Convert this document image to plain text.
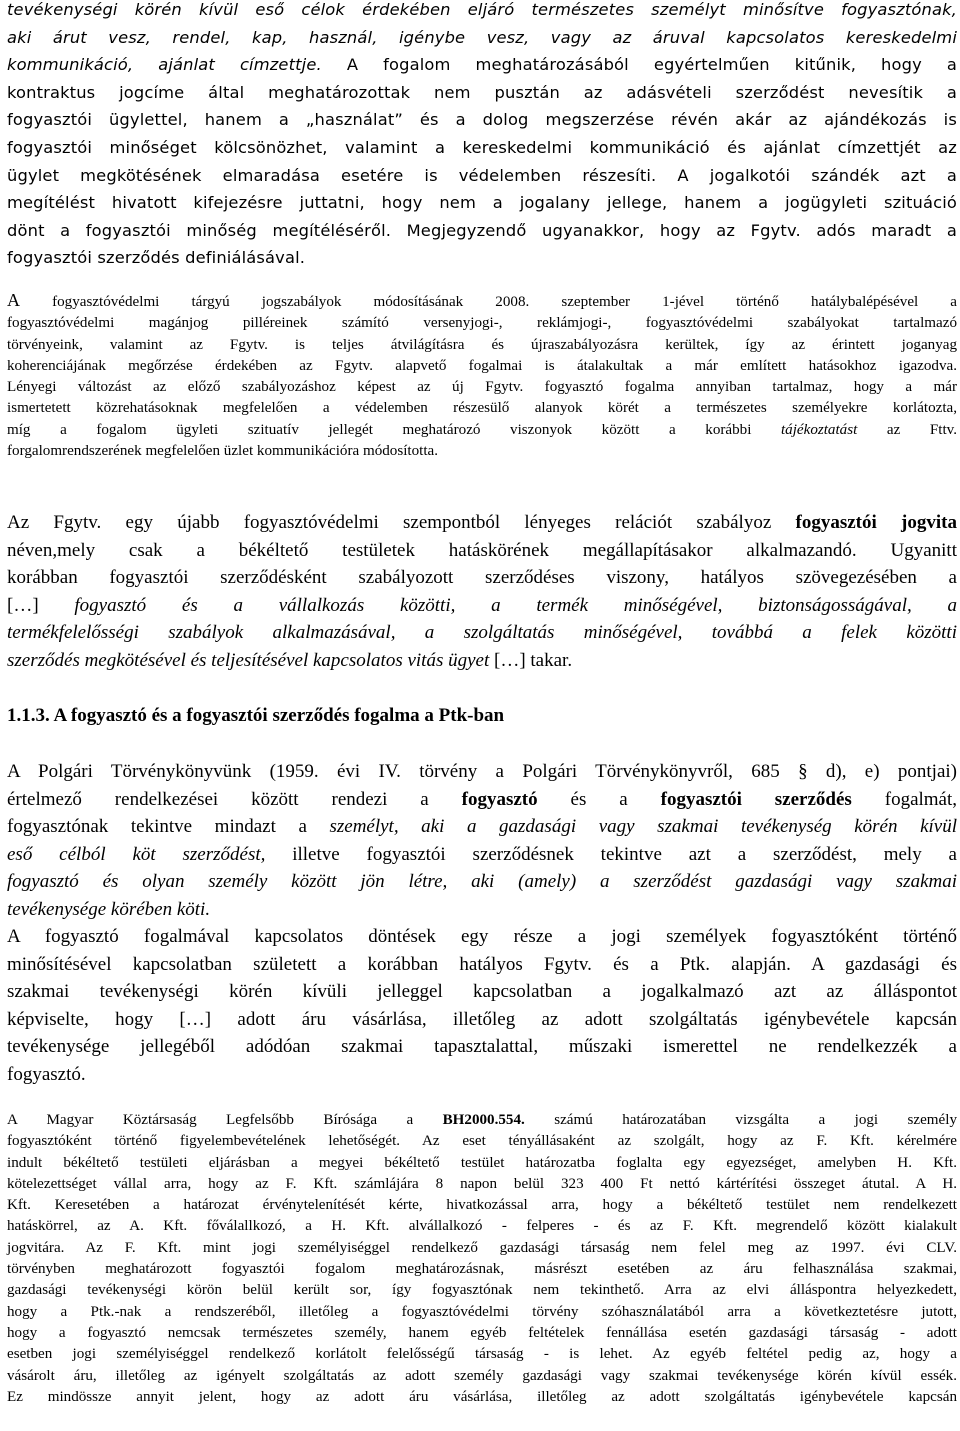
tevékenységi körén kívül eső célok érdekében eljáró természetes személyt minősítve fogyasztónak,
aki árut vesz, rendel, kap, használ, igénybe vesz, vagy az áruval kapcsolatos kereskedelmi
kommunikáció, ajánlat címzettje. A fogalom meghatározásából egyértelműen kitűnik, hogy a
kontraktus jogcíme által meghatározottak nem pusztán az adásvételi szerződést nevesítik a
fogyasztói ügylettel, hanem a „használat” és a dolog megszerzése révén akár az ajándékozás is
fogyasztói minőséget kölcsönözhet, valamint a kereskedelmi kommunikáció és ajánlat címzettjét az
ügylet megkötésének elmaradása esetére is védelemben részesíti. A jogalkotói szándék azt a
megítélést hivatott kifejezésre juttatni, hogy nem a jogalany jellege, hanem a jogügyleti szituáció
dönt a fogyasztói minőség megítéléséről. Megjegyzendő ugyanakkor, hogy az Fgytv. adós maradt a
fogyasztói szerződés definiálásával.
A fogyasztóvédelmi tárgyú jogszabályok módosításának 2008. szeptember 1-jével történő hatálybalépésével a
fogyasztóvédelmi magánjog pilléreinek számító versenyjogi-, reklámjogi-, fogyasztóvédelmi szabályokat tartalmazó
törvényeink, valamint az Fgytv. is teljes átvilágításra és újraszabályozásra kerültek, így az érintett joganyag
koherenciájának megőrzése érdekében az Fgytv. alapvető fogalmai is átalakultak a már említett hatásokhoz igazodva.
Lényegi változást az előző szabályozáshoz képest az új Fgytv. fogyasztó fogalma annyiban tartalmaz, hogy a már
ismertetett közrehatásoknak megfelelően a védelemben részesülő alanyok körét a természetes személyekre korlátozta,
míg a fogalom ügyleti szituatív jellegét meghatározó viszonyok között a korábbi tájékoztatást az Fttv.
forgalomrendszerének megfelelően üzlet kommunikációra módosította.
Az Fgytv. egy újabb fogyasztóvédelmi szempontból lényeges relációt szabályoz fogyasztói jogvita
néven,mely csak a békéltető testületek hatáskörének megállapításakor alkalmazandó. Ugyanitt
korábban fogyasztói szerződésként szabályozott szerződéses viszony, hatályos szövegezésében a
[…] fogyasztó és a vállalkozás közötti, a termék minőségével, biztonságosságával, a
termékfelelősségi szabályok alkalmazásával, a szolgáltatás minőségével, továbbá a felek közötti
szerződés megkötésével és teljesítésével kapcsolatos vitás ügyet […] takar.
1.1.3. A fogyasztó és a fogyasztói szerződés fogalma a Ptk-ban
A Polgári Törvénykönyvünk (1959. évi IV. törvény a Polgári Törvénykönyvről, 685 § d), e) pontjai)
értelmező rendelkezései között rendezi a fogyasztó és a fogyasztói szerződés fogalmát,
fogyasztónak tekintve mindazt a személyt, aki a gazdasági vagy szakmai tevékenység körén kívül
eső célból köt szerződést, illetve fogyasztói szerződésnek tekintve azt a szerződést, mely a
fogyasztó és olyan személy között jön létre, aki (amely) a szerződést gazdasági vagy szakmai
tevékenysége körében köti.
A fogyasztó fogalmával kapcsolatos döntések egy része a jogi személyek fogyasztóként történő
minősítésével kapcsolatban született a korábban hatályos Fgytv. és a Ptk. alapján. A gazdasági és
szakmai tevékenységi körén kívüli jelleggel kapcsolatban a jogalkalmazó azt az álláspontot
képviselte, hogy […] adott áru vásárlása, illetőleg az adott szolgáltatás igénybevétele kapcsán
tevékenysége jellegéből adódóan szakmai tapasztalattal, műszaki ismerettel ne rendelkezzék a
fogyasztó.
A Magyar Köztársaság Legfelsőbb Bírósága a BH2000.554. számú határozatában vizsgálta a jogi személy
fogyasztóként történő figyelembevételének lehetőségét. Az eset tényállásaként az szolgált, hogy az F. Kft. kérelmére
indult békéltető testületi eljárásban a megyei békéltető testület határozatba foglalta egy egyezséget, amelyben H. Kft.
kötelezettséget vállal arra, hogy az F. Kft. számlájára 8 napon belül 323 400 Ft nettó kártérítési összeget átutal. A H.
Kft. Keresetében a határozat érvénytelenítését kérte, hivatkozással arra, hogy a békéltető testület nem rendelkezett
hatáskörrel, az A. Kft. főválallkozó, a H. Kft. alvállalkozó - felperes - és az F. Kft. megrendelő között kialakult
jogvitára. Az F. Kft. mint jogi személyiséggel rendelkező gazdasági társaság nem felel meg az 1997. évi CLV.
törvényben meghatározott fogyasztói fogalom meghatározásnak, másrészt esetében az áru felhasználása szakmai,
gazdasági tevékenységi körön belül került sor, így fogyasztónak nem tekinthető. Arra az elvi álláspontra helyezkedett,
hogy a Ptk.-nak a rendszeréből, illetőleg a fogyasztóvédelmi törvény szóhasználatából arra a következtetésre jutott,
hogy a fogyasztó nemcsak természetes személy, hanem egyéb feltételek fennállása esetén gazdasági társaság - adott
esetben jogi személyiséggel rendelkező korlátolt felelősségű társaság - is lehet. Az egyéb feltétel pedig az, hogy a
vásárolt áru, illetőleg az igényelt szolgáltatás az adott személy gazdasági vagy szakmai tevékenysége körén kívül essék.
Ez mindössze annyit jelent, hogy az adott áru vásárlása, illetőleg az adott szolgáltatás igénybevétele kapcsán
